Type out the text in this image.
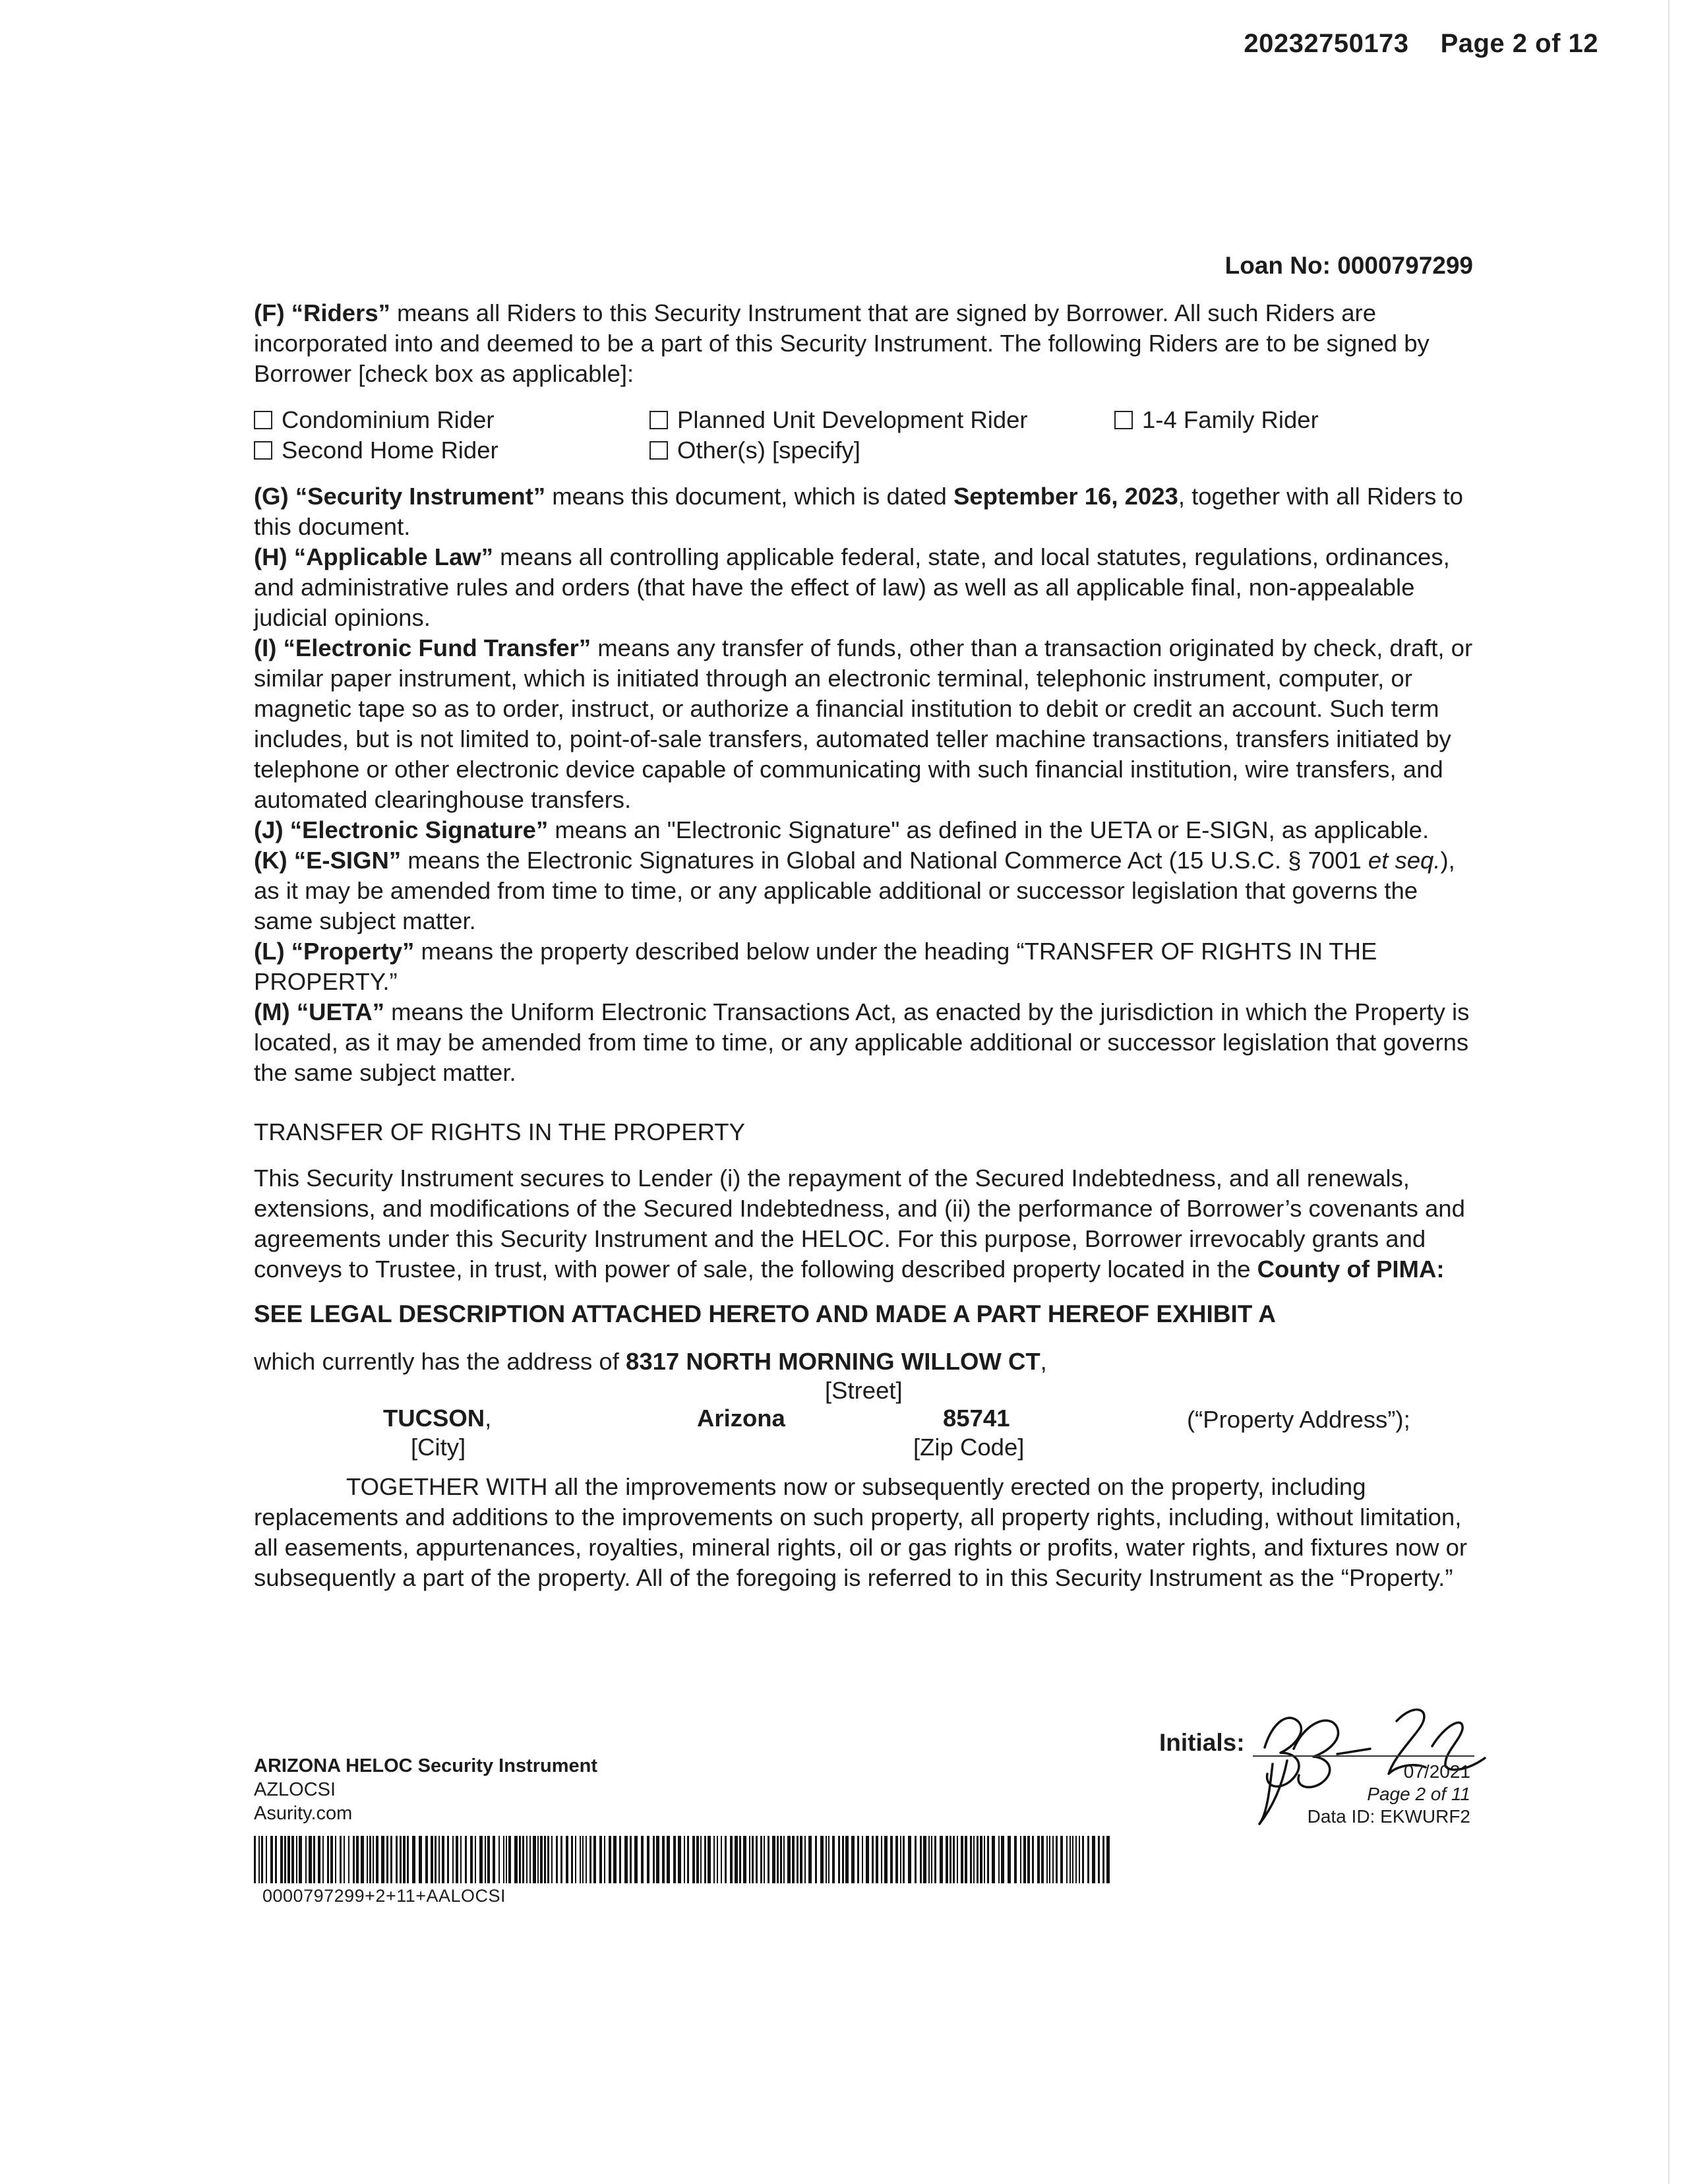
20232750173 Page 2 of 12
Loan No: 0000797299

(F) “Riders” means all Riders to this Security Instrument that are signed by Borrower. All such Riders are incorporated into and deemed to be a part of this Security Instrument. The following Riders are to be signed by Borrower [check box as applicable]:

Condominium Rider	Planned Unit Development Rider	1-4 Family Rider
Second Home Rider	Other(s) [specify]

(G) “Security Instrument” means this document, which is dated September 16, 2023, together with all Riders to this document.

(H) “Applicable Law” means all controlling applicable federal, state, and local statutes, regulations, ordinances, and administrative rules and orders (that have the effect of law) as well as all applicable final, non-appealable judicial opinions.

(I) “Electronic Fund Transfer” means any transfer of funds, other than a transaction originated by check, draft, or similar paper instrument, which is initiated through an electronic terminal, telephonic instrument, computer, or magnetic tape so as to order, instruct, or authorize a financial institution to debit or credit an account. Such term includes, but is not limited to, point-of-sale transfers, automated teller machine transactions, transfers initiated by telephone or other electronic device capable of communicating with such financial institution, wire transfers, and automated clearinghouse transfers.

(J) “Electronic Signature” means an "Electronic Signature" as defined in the UETA or E-SIGN, as applicable.

(K) “E-SIGN” means the Electronic Signatures in Global and National Commerce Act (15 U.S.C. § 7001 et seq.), as it may be amended from time to time, or any applicable additional or successor legislation that governs the same subject matter.

(L) “Property” means the property described below under the heading “TRANSFER OF RIGHTS IN THE PROPERTY.”

(M) “UETA” means the Uniform Electronic Transactions Act, as enacted by the jurisdiction in which the Property is located, as it may be amended from time to time, or any applicable additional or successor legislation that governs the same subject matter.

TRANSFER OF RIGHTS IN THE PROPERTY

This Security Instrument secures to Lender (i) the repayment of the Secured Indebtedness, and all renewals, extensions, and modifications of the Secured Indebtedness, and (ii) the performance of Borrower’s covenants and agreements under this Security Instrument and the HELOC. For this purpose, Borrower irrevocably grants and conveys to Trustee, in trust, with power of sale, the following described property located in the County of PIMA:

SEE LEGAL DESCRIPTION ATTACHED HERETO AND MADE A PART HEREOF EXHIBIT A

which currently has the address of 8317 NORTH MORNING WILLOW CT,

[Street]
TUCSON,
[City]
Arizona	85741
[Zip Code]
(“Property Address”);

TOGETHER WITH all the improvements now or subsequently erected on the property, including replacements and additions to the improvements on such property, all property rights, including, without limitation, all easements, appurtenances, royalties, mineral rights, oil or gas rights or profits, water rights, and fixtures now or subsequently a part of the property. All of the foregoing is referred to in this Security Instrument as the “Property.”

Initials:
07/2021
Page 2 of 11
Data ID: EKWURF2
ARIZONA HELOC Security Instrument
AZLOCSI
Asurity.com
0000797299+2+11+AALOCSI
